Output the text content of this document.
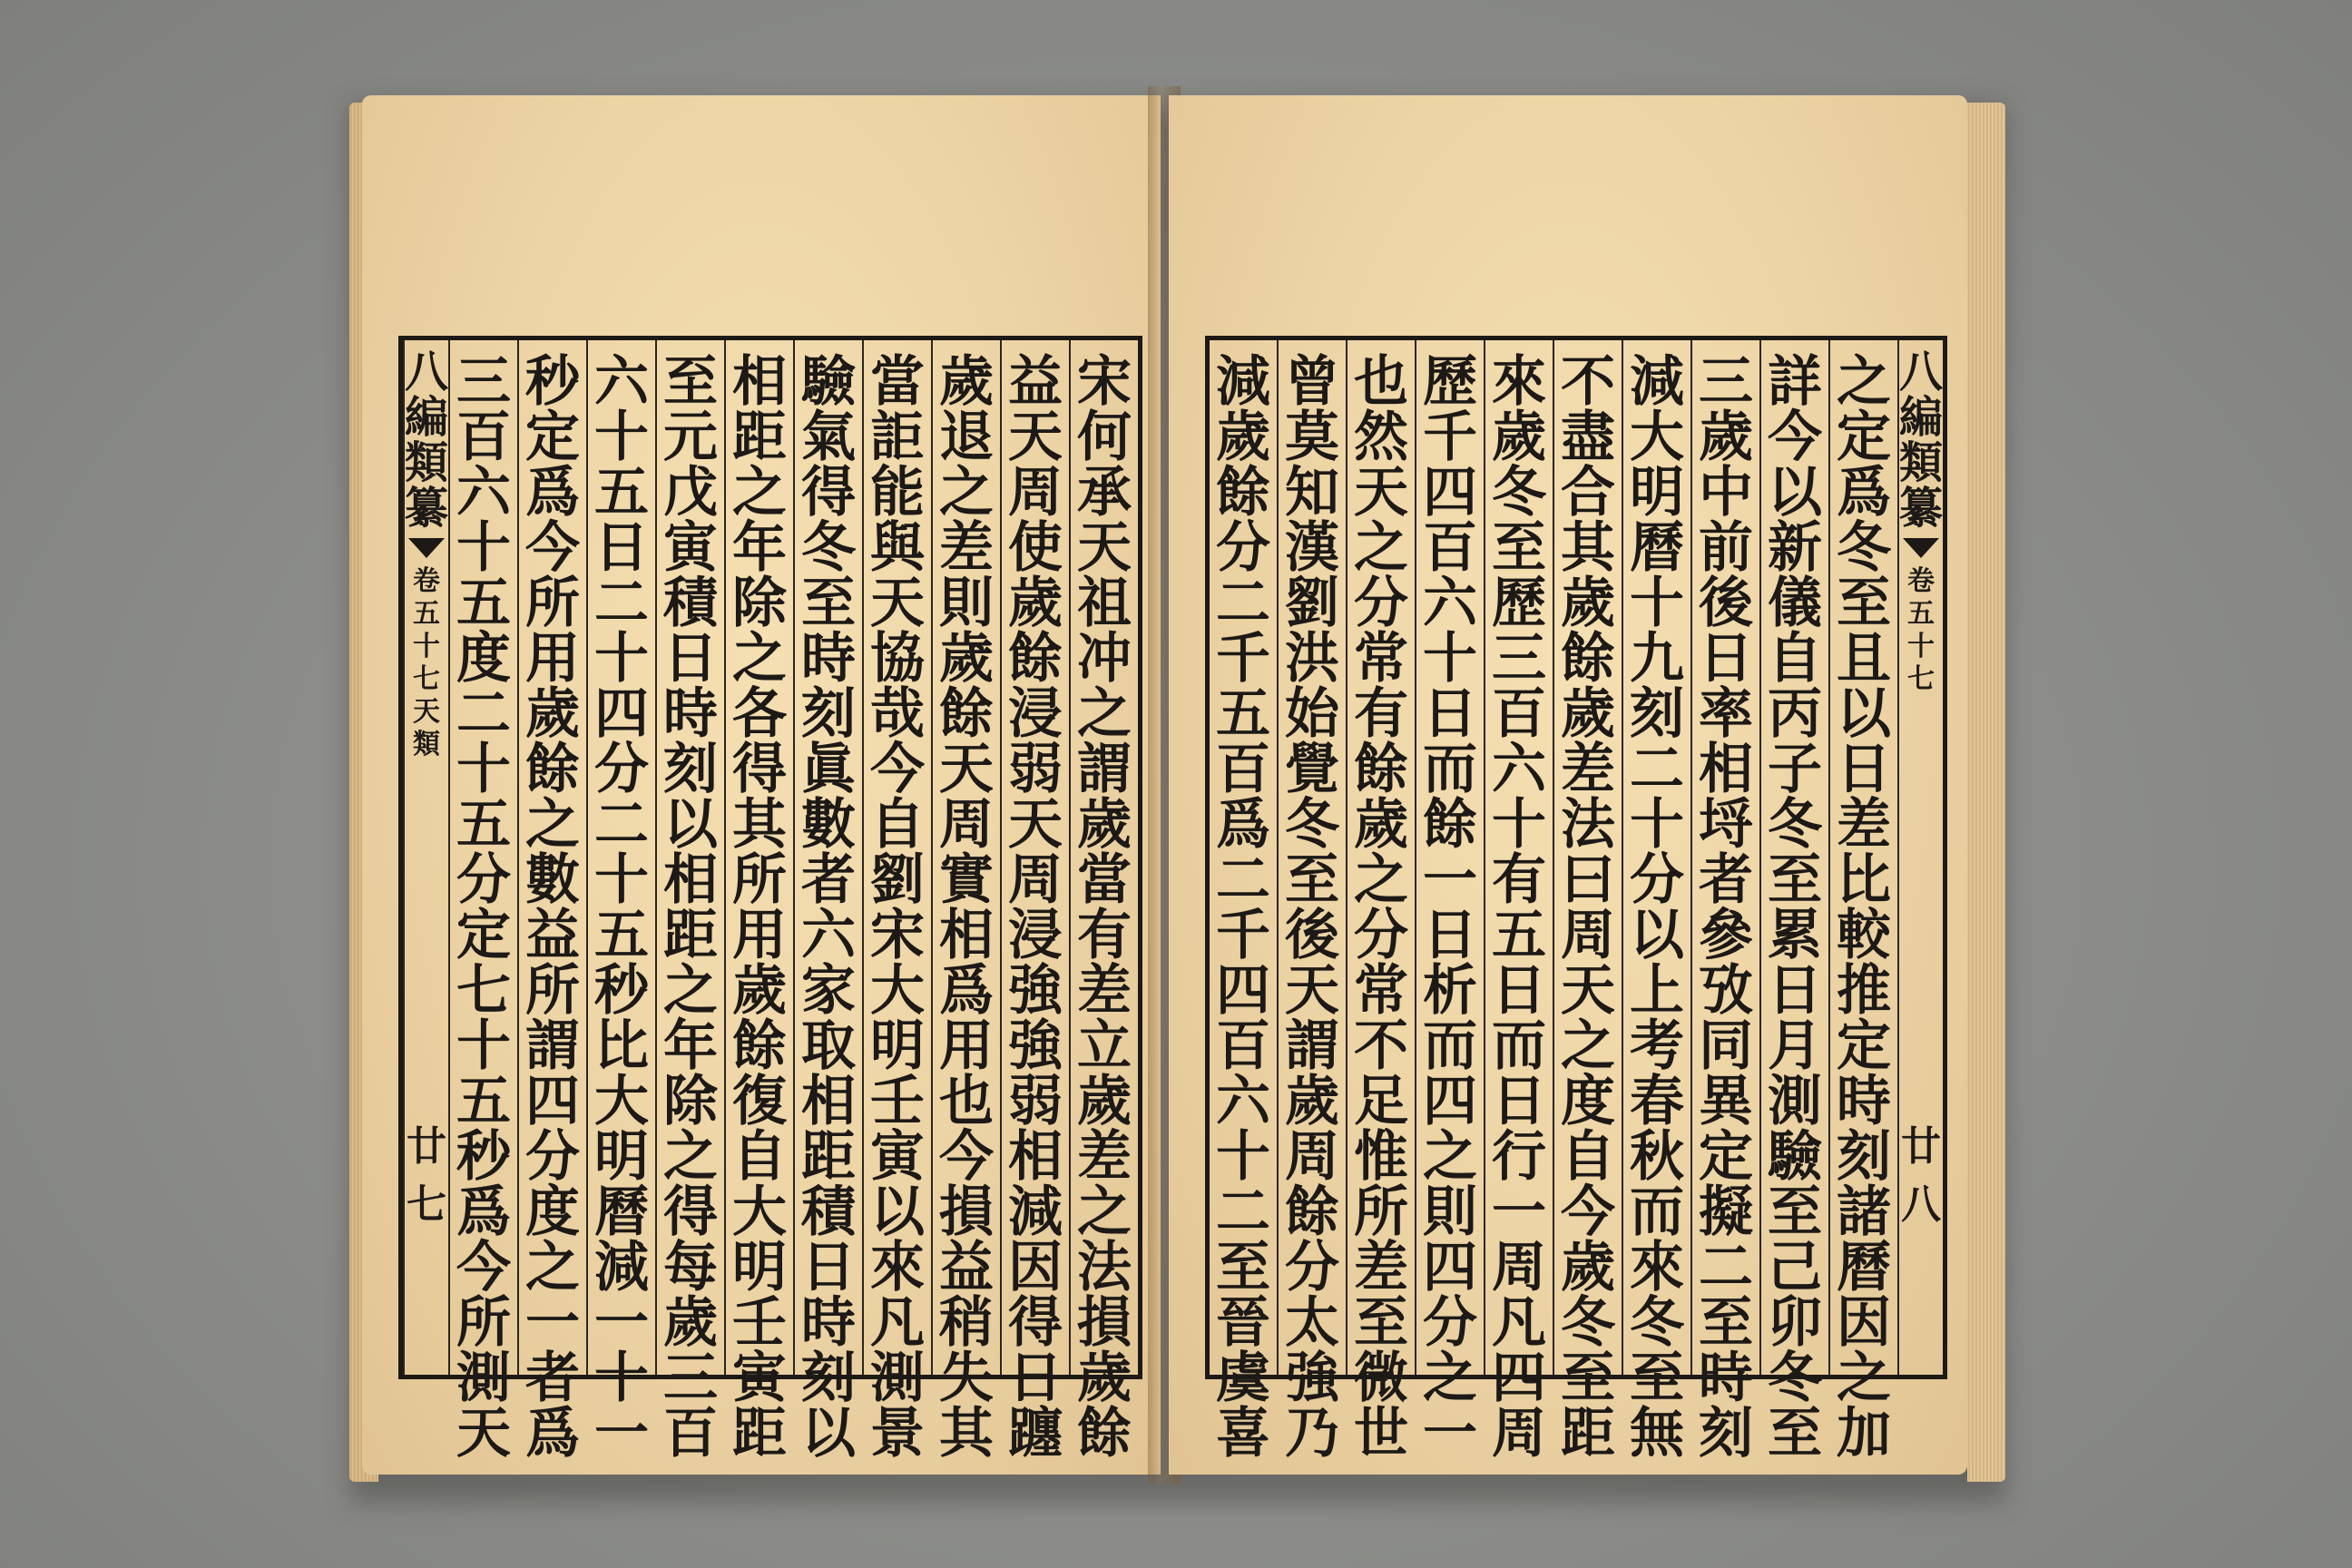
宋
何
承
天
祖
冲
之
謂
歲
當
有
差
立
歲
差
之
法
損
歲
餘
益
天
周
使
歲
餘
浸
弱
天
周
浸
強
強
弱
相
減
因
得
日
躔
歲
退
之
差
則
歲
餘
天
周
實
相
爲
用
也
今
損
益
稍
失
其
當
詎
能
與
天
協
哉
今
自
劉
宋
大
明
壬
寅
以
來
凡
測
景
驗
氣
得
冬
至
時
刻
眞
數
者
六
家
取
相
距
積
日
時
刻
以
相
距
之
年
除
之
各
得
其
所
用
歲
餘
復
自
大
明
壬
寅
距
至
元
戊
寅
積
日
時
刻
以
相
距
之
年
除
之
得
每
歲
三
百
六
十
五
日
二
十
四
分
二
十
五
秒
比
大
明
曆
減
一
十
一
秒
定
爲
今
所
用
歲
餘
之
數
益
所
謂
四
分
度
之
一
者
爲
三
百
六
十
五
度
二
十
五
分
定
七
十
五
秒
爲
今
所
測
天
八
編
類
纂
卷
五
十
七
天
類
廿七
八
編
類
纂
卷
五
十
七
廿八
之
定
爲
冬
至
且
以
日
差
比
較
推
定
時
刻
諸
曆
因
之
加
詳
今
以
新
儀
自
丙
子
冬
至
累
日
月
測
驗
至
己
卯
冬
至
三
歲
中
前
後
日
率
相
埒
者
參
攷
同
異
定
擬
二
至
時
刻
減
大
明
曆
十
九
刻
二
十
分
以
上
考
春
秋
而
來
冬
至
無
不
盡
合
其
歲
餘
歲
差
法
曰
周
天
之
度
自
今
歲
冬
至
距
來
歲
冬
至
歷
三
百
六
十
有
五
日
而
日
行
一
周
凡
四
周
歷
千
四
百
六
十
日
而
餘
一
日
析
而
四
之
則
四
分
之
一
也
然
天
之
分
常
有
餘
歲
之
分
常
不
足
惟
所
差
至
微
世
曾
莫
知
漢
劉
洪
始
覺
冬
至
後
天
謂
歲
周
餘
分
太
強
乃
減
歲
餘
分
二
千
五
百
爲
二
千
四
百
六
十
二
至
晉
虞
喜
